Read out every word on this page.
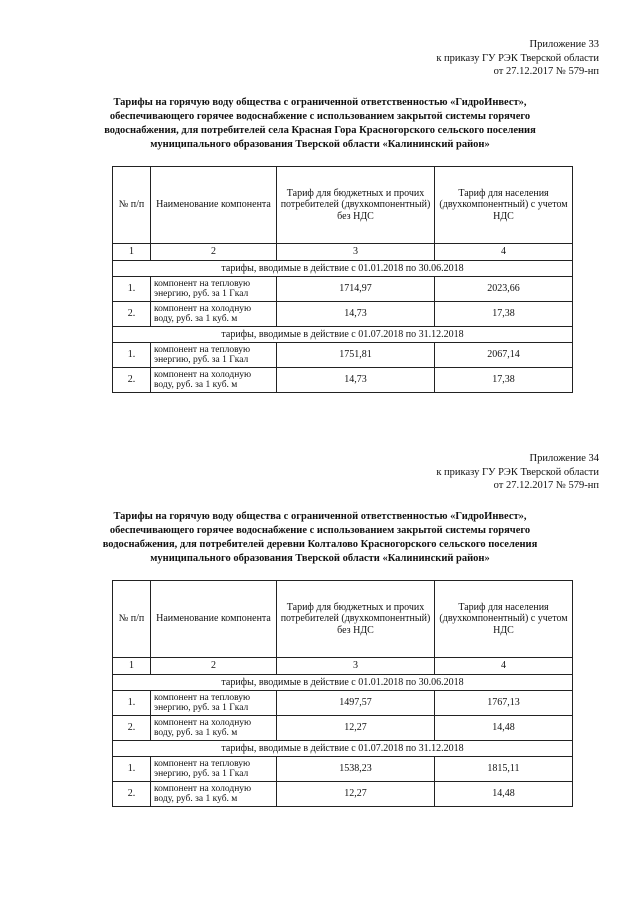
Приложение 33
к приказу ГУ РЭК Тверской области
от 27.12.2017 № 579-нп
Тарифы на горячую воду общества с ограниченной ответственностью «ГидроИнвест»,
обеспечивающего горячее водоснабжение с использованием закрытой системы горячего
водоснабжения, для потребителей села Красная Гора Красногорского сельского поселения
муниципального образования Тверской области «Калининский район»
№ п/п	Наименование компонента	Тариф для бюджетных и прочих потребителей (двухкомпонентный) без НДС	Тариф для населения (двухкомпонентный) с учетом НДС
1	2	3	4
тарифы, вводимые в действие с 01.01.2018 по 30.06.2018			
1.	компонент на тепловую энергию, руб. за 1 Гкал	1714,97	2023,66
2.	компонент на холодную воду, руб. за 1 куб. м	14,73	17,38
тарифы, вводимые в действие с 01.07.2018 по 31.12.2018			
1.	компонент на тепловую энергию, руб. за 1 Гкал	1751,81	2067,14
2.	компонент на холодную воду, руб. за 1 куб. м	14,73	17,38
Приложение 34
к приказу ГУ РЭК Тверской области
от 27.12.2017 № 579-нп
Тарифы на горячую воду общества с ограниченной ответственностью «ГидроИнвест»,
обеспечивающего горячее водоснабжение с использованием закрытой системы горячего
водоснабжения, для потребителей деревни Колталово Красногорского сельского поселения
муниципального образования Тверской области «Калининский район»
№ п/п	Наименование компонента	Тариф для бюджетных и прочих потребителей (двухкомпонентный) без НДС	Тариф для населения (двухкомпонентный) с учетом НДС
1	2	3	4
тарифы, вводимые в действие с 01.01.2018 по 30.06.2018			
1.	компонент на тепловую энергию, руб. за 1 Гкал	1497,57	1767,13
2.	компонент на холодную воду, руб. за 1 куб. м	12,27	14,48
тарифы, вводимые в действие с 01.07.2018 по 31.12.2018			
1.	компонент на тепловую энергию, руб. за 1 Гкал	1538,23	1815,11
2.	компонент на холодную воду, руб. за 1 куб. м	12,27	14,48
